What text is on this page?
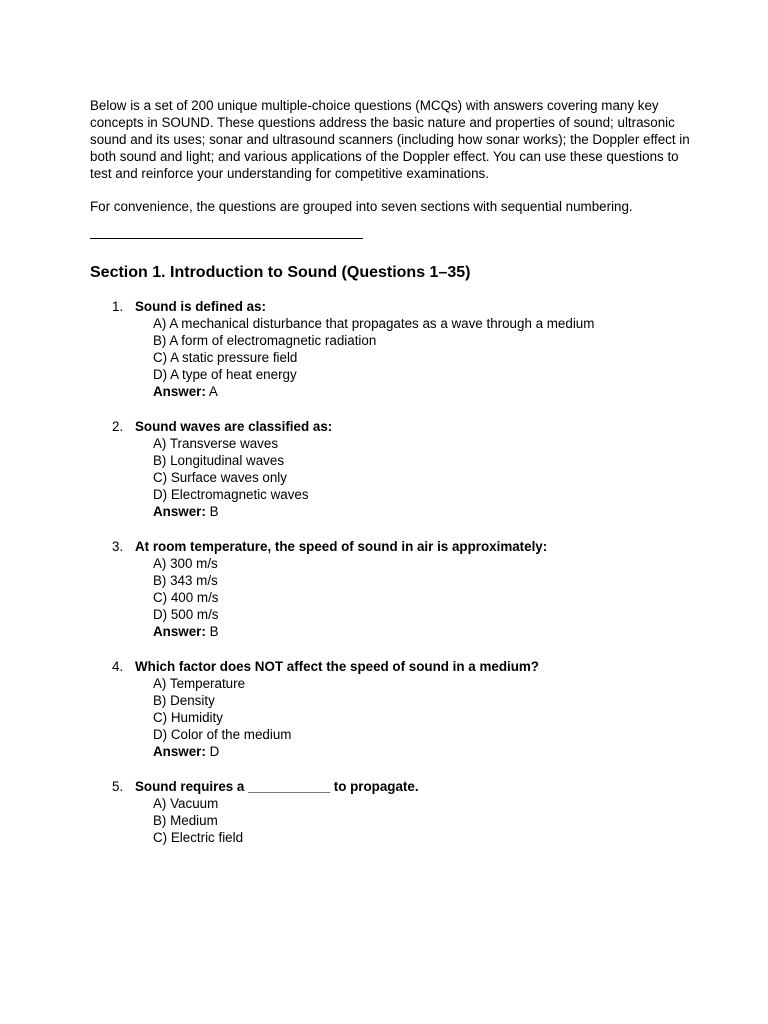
Below is a set of 200 unique multiple-choice questions (MCQs) with answers covering many key concepts in SOUND. These questions address the basic nature and properties of sound; ultrasonic sound and its uses; sonar and ultrasound scanners (including how sonar works); the Doppler effect in both sound and light; and various applications of the Doppler effect. You can use these questions to test and reinforce your understanding for competitive examinations.

For convenience, the questions are grouped into seven sections with sequential numbering.

Section 1. Introduction to Sound (Questions 1–35)
1. Sound is defined as:
A) A mechanical disturbance that propagates as a wave through a medium
B) A form of electromagnetic radiation
C) A static pressure field
D) A type of heat energy
Answer: A
2. Sound waves are classified as:
A) Transverse waves
B) Longitudinal waves
C) Surface waves only
D) Electromagnetic waves
Answer: B
3. At room temperature, the speed of sound in air is approximately:
A) 300 m/s
B) 343 m/s
C) 400 m/s
D) 500 m/s
Answer: B
4. Which factor does NOT affect the speed of sound in a medium?
A) Temperature
B) Density
C) Humidity
D) Color of the medium
Answer: D
5. Sound requires a ___________ to propagate.
A) Vacuum
B) Medium
C) Electric field
